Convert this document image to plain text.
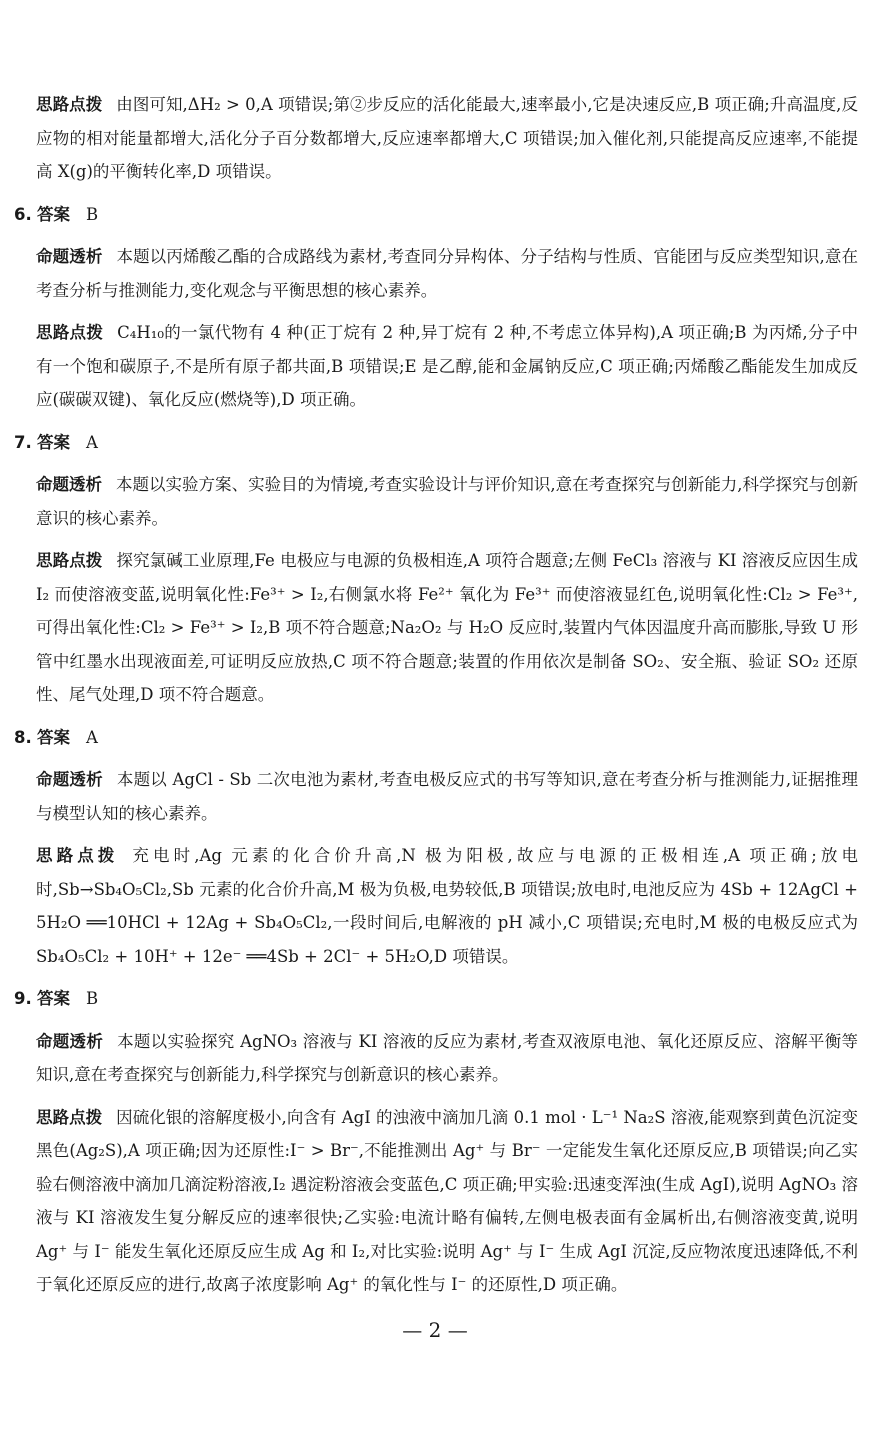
思路点拨 由图可知,ΔH₂ > 0,A 项错误;第②步反应的活化能最大,速率最小,它是决速反应,B 项正确;升高温度,反应物的相对能量都增大,活化分子百分数都增大,反应速率都增大,C 项错误;加入催化剂,只能提高反应速率,不能提高 X(g)的平衡转化率,D 项错误。

6. 答案 B

命题透析 本题以丙烯酸乙酯的合成路线为素材,考查同分异构体、分子结构与性质、官能团与反应类型知识,意在考查分析与推测能力,变化观念与平衡思想的核心素养。

思路点拨 C₄H₁₀的一氯代物有 4 种(正丁烷有 2 种,异丁烷有 2 种,不考虑立体异构),A 项正确;B 为丙烯,分子中有一个饱和碳原子,不是所有原子都共面,B 项错误;E 是乙醇,能和金属钠反应,C 项正确;丙烯酸乙酯能发生加成反应(碳碳双键)、氧化反应(燃烧等),D 项正确。

7. 答案 A

命题透析 本题以实验方案、实验目的为情境,考查实验设计与评价知识,意在考查探究与创新能力,科学探究与创新意识的核心素养。

思路点拨 探究氯碱工业原理,Fe 电极应与电源的负极相连,A 项符合题意;左侧 FeCl₃ 溶液与 KI 溶液反应因生成 I₂ 而使溶液变蓝,说明氧化性:Fe³⁺ > I₂,右侧氯水将 Fe²⁺ 氧化为 Fe³⁺ 而使溶液显红色,说明氧化性:Cl₂ > Fe³⁺,可得出氧化性:Cl₂ > Fe³⁺ > I₂,B 项不符合题意;Na₂O₂ 与 H₂O 反应时,装置内气体因温度升高而膨胀,导致 U 形管中红墨水出现液面差,可证明反应放热,C 项不符合题意;装置的作用依次是制备 SO₂、安全瓶、验证 SO₂ 还原性、尾气处理,D 项不符合题意。

8. 答案 A

命题透析 本题以 AgCl - Sb 二次电池为素材,考查电极反应式的书写等知识,意在考查分析与推测能力,证据推理与模型认知的核心素养。

思路点拨 充电时,Ag 元素的化合价升高,N 极为阳极,故应与电源的正极相连,A 项正确;放电时,Sb→Sb₄O₅Cl₂,Sb 元素的化合价升高,M 极为负极,电势较低,B 项错误;放电时,电池反应为 4Sb + 12AgCl + 5H₂O ══10HCl + 12Ag + Sb₄O₅Cl₂,一段时间后,电解液的 pH 减小,C 项错误;充电时,M 极的电极反应式为 Sb₄O₅Cl₂ + 10H⁺ + 12e⁻ ══4Sb + 2Cl⁻ + 5H₂O,D 项错误。

9. 答案 B

命题透析 本题以实验探究 AgNO₃ 溶液与 KI 溶液的反应为素材,考查双液原电池、氧化还原反应、溶解平衡等知识,意在考查探究与创新能力,科学探究与创新意识的核心素养。

思路点拨 因硫化银的溶解度极小,向含有 AgI 的浊液中滴加几滴 0.1 mol · L⁻¹ Na₂S 溶液,能观察到黄色沉淀变黑色(Ag₂S),A 项正确;因为还原性:I⁻ > Br⁻,不能推测出 Ag⁺ 与 Br⁻ 一定能发生氧化还原反应,B 项错误;向乙实验右侧溶液中滴加几滴淀粉溶液,I₂ 遇淀粉溶液会变蓝色,C 项正确;甲实验:迅速变浑浊(生成 AgI),说明 AgNO₃ 溶液与 KI 溶液发生复分解反应的速率很快;乙实验:电流计略有偏转,左侧电极表面有金属析出,右侧溶液变黄,说明 Ag⁺ 与 I⁻ 能发生氧化还原反应生成 Ag 和 I₂,对比实验:说明 Ag⁺ 与 I⁻ 生成 AgI 沉淀,反应物浓度迅速降低,不利于氧化还原反应的进行,故离子浓度影响 Ag⁺ 的氧化性与 I⁻ 的还原性,D 项正确。

— 2 —
